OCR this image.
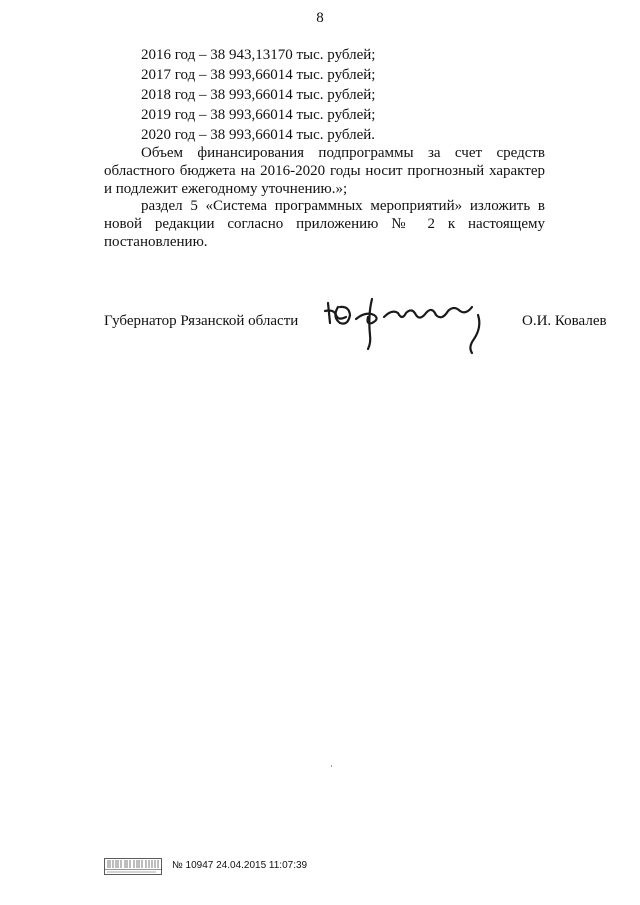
8
2016 год – 38 943,13170 тыс. рублей;
2017 год – 38 993,66014 тыс. рублей;
2018 год – 38 993,66014 тыс. рублей;
2019 год – 38 993,66014 тыс. рублей;
2020 год – 38 993,66014 тыс. рублей.
Объем финансирования подпрограммы за счет средств областного бюджета на 2016-2020 годы носит прогнозный характер и подлежит ежегодному уточнению.»;
раздел 5 «Система программных мероприятий» изложить в новой редакции согласно приложению № 2 к настоящему постановлению.
Губернатор Рязанской области	О.И. Ковалев
№ 10947 24.04.2015 11:07:39
